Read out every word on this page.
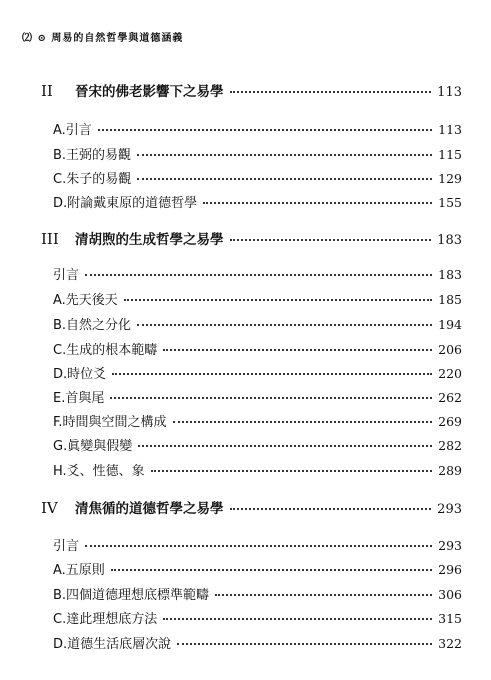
⑵ ⊙ 周易的自然哲學與道德涵義
II	晉宋的佛老影響下之易學	113
A.引言	113
B.王弼的易觀	115
C.朱子的易觀	129
D.附論戴東原的道德哲學	155
III	清胡煦的生成哲學之易學	183
引言	183
A.先天後天	185
B.自然之分化	194
C.生成的根本範疇	206
D.時位爻	220
E.首與尾	262
F.時間與空間之構成	269
G.眞變與假變	282
H.爻、性德、象	289
IV	清焦循的道德哲學之易學	293
引言	293
A.五原則	296
B.四個道德理想底標準範疇	306
C.達此理想底方法	315
D.道德生活底層次說	322
